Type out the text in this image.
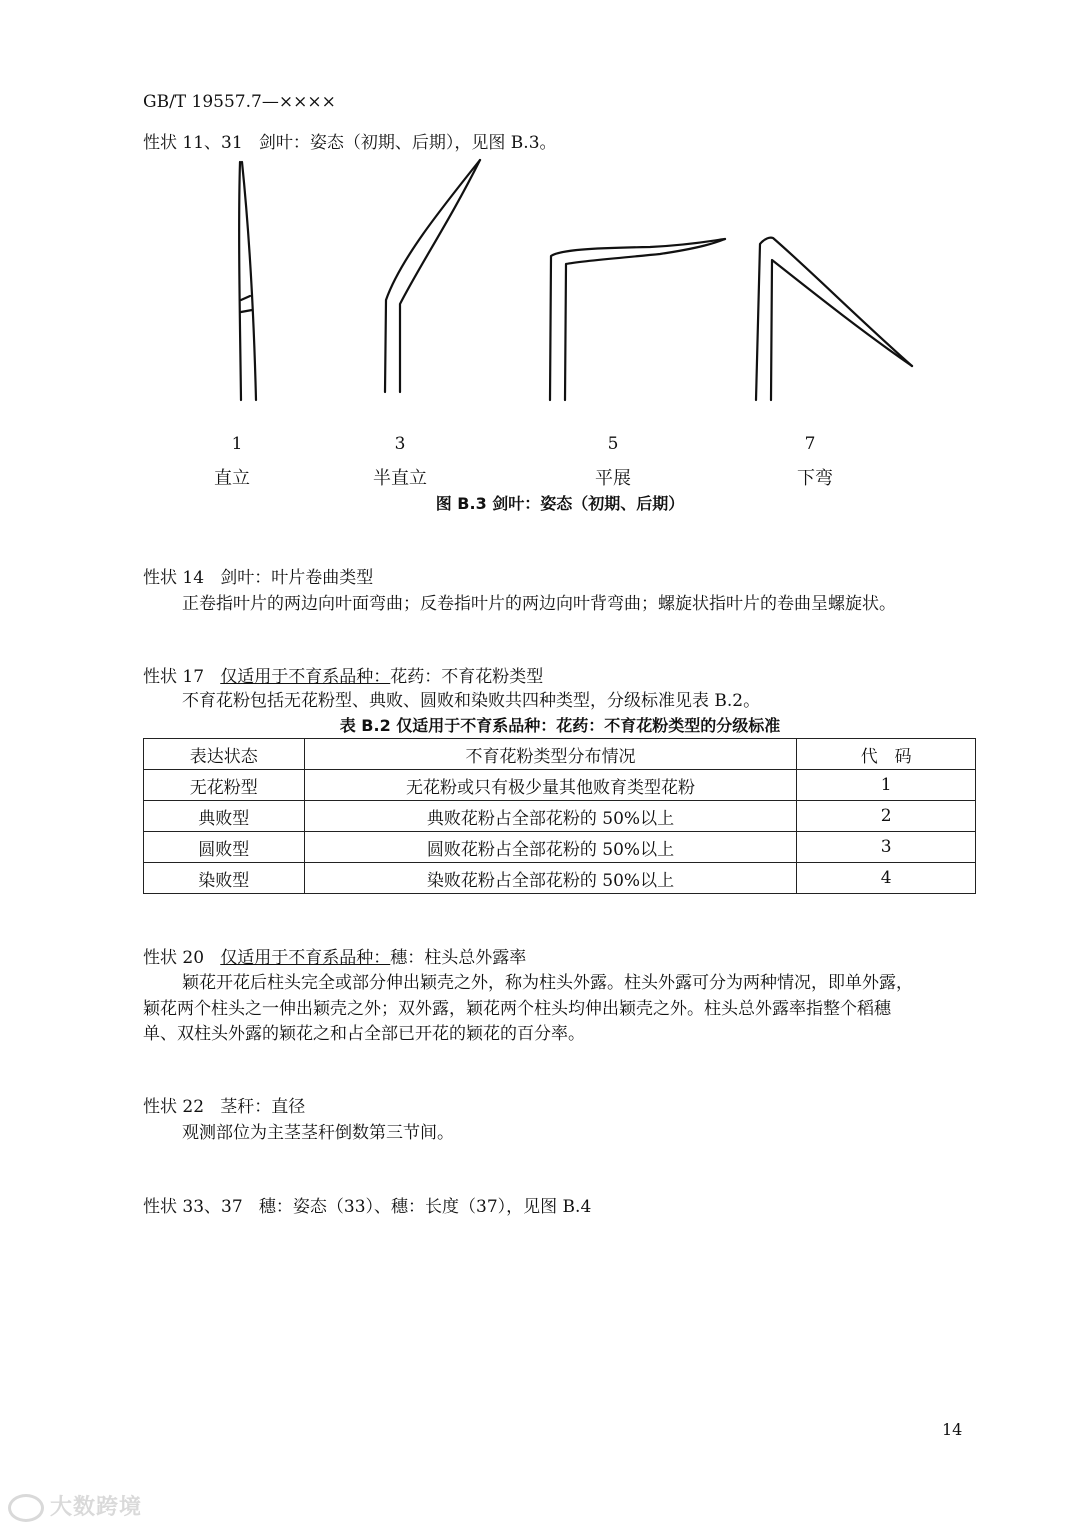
GB/T 19557.7—××××
性状 11、31 剑叶：姿态（初期、后期），见图 B.3。
1	3	5	7
直立	半直立	平展	下弯
图 B.3 剑叶：姿态（初期、后期）
性状 14 剑叶：叶片卷曲类型
正卷指叶片的两边向叶面弯曲；反卷指叶片的两边向叶背弯曲；螺旋状指叶片的卷曲呈螺旋状。
性状 17 仅适用于不育系品种：花药：不育花粉类型
不育花粉包括无花粉型、典败、圆败和染败共四种类型，分级标准见表 B.2。
表 B.2 仅适用于不育系品种：花药：不育花粉类型的分级标准
表达状态	不育花粉类型分布情况	代　码
无花粉型	无花粉或只有极少量其他败育类型花粉	1
典败型	典败花粉占全部花粉的 50%以上	2
圆败型	圆败花粉占全部花粉的 50%以上	3
染败型	染败花粉占全部花粉的 50%以上	4
性状 20 仅适用于不育系品种：穗：柱头总外露率
颖花开花后柱头完全或部分伸出颖壳之外，称为柱头外露。柱头外露可分为两种情况，即单外露，
颖花两个柱头之一伸出颖壳之外；双外露，颖花两个柱头均伸出颖壳之外。柱头总外露率指整个稻穗
单、双柱头外露的颖花之和占全部已开花的颖花的百分率。
性状 22 茎秆：直径
观测部位为主茎茎秆倒数第三节间。
性状 33、37 穗：姿态（33）、穗：长度（37），见图 B.4
14
大数跨境
